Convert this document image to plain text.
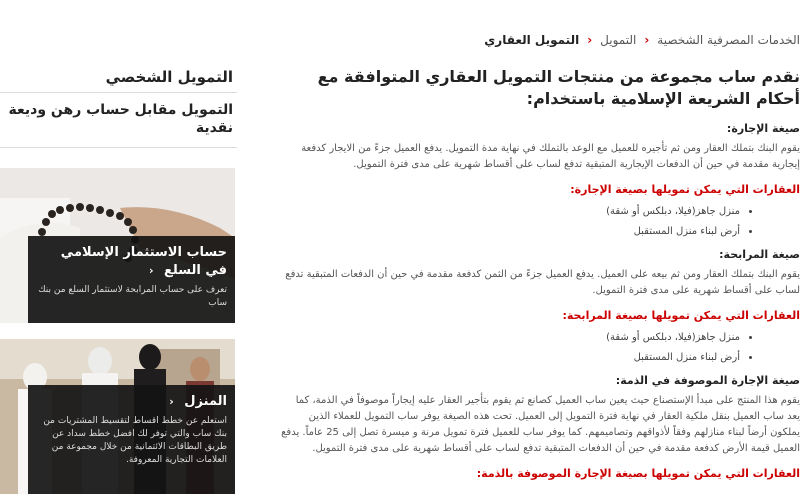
الخدمات المصرفية الشخصية
‹
التمويل
‹
التمويل العقاري
نقدم ساب مجموعة من منتجات التمويل العقاري المتوافقة مع أحكام الشريعة الإسلامية باستخدام:
صيغة الإجارة:

يقوم البنك بتملك العقار ومن ثم تأجيره للعميل مع الوعد بالتملك في نهاية مدة التمويل. يدفع العميل جزءً من الايجار كدفعة إيجارية مقدمة في حين أن الدفعات الإيجارية المتبقية تدفع لساب على أقساط شهرية على مدى فترة التمويل.

العقارات التي يمكن تمويلها بصيغة الإجارة:
• منزل جاهز(فيلا، دبلكس أو شقة)
• أرض لبناء منزل المستقبل
صيغة المرابحة:

يقوم البنك بتملك العقار ومن ثم بيعه على العميل. يدفع العميل جزءً من الثمن كدفعة مقدمة في حين أن الدفعات المتبقية تدفع لساب على أقساط شهرية على مدى فترة التمويل.

العقارات التي يمكن تمويلها بصيغة المرابحة:
• منزل جاهز(فيلا، دبلكس أو شقة)
• أرض لبناء منزل المستقبل
صيغة الإجارة الموصوفة في الذمة:

يقوم هذا المنتج على مبدأ الإستصناع حيث يعين ساب العميل كصانع ثم يقوم بتأجير العقار عليه إيجاراً موصوفاً في الذمة، كما يعد ساب العميل بنقل ملكية العقار في نهاية فترة التمويل إلى العميل. تحت هذه الصيغة يوفر ساب التمويل للعملاء الذين يملكون أرضاً لبناء منازلهم وفقاً لأذواقهم وتصاميمهم. كما يوفر ساب للعميل فترة تمويل مرنة و ميسرة تصل إلى 25 عاماً. يدفع العميل قيمة الأرض كدفعة مقدمة في حين أن الدفعات المتبقية تدفع لساب على أقساط شهرية على مدى فترة التمويل.

العقارات التي يمكن تمويلها بصيغة الإجارة الموصوفة بالذمة:
التمويل الشخصي
التمويل مقابل حساب رهن وديعة نقدية
حساب الاستثمار الإسلامي في السلع ‹
تعرف على حساب المرابحة لاستثمار السلع من بنك ساب
المنزل ‹
استعلم عن خطط اقساط لتقسيط المشتريات من بنك ساب والتي توفر لك افضل خطط سداد عن طريق البطاقات الائتمانية من خلال مجموعة من العلامات التجارية المعروفة.
